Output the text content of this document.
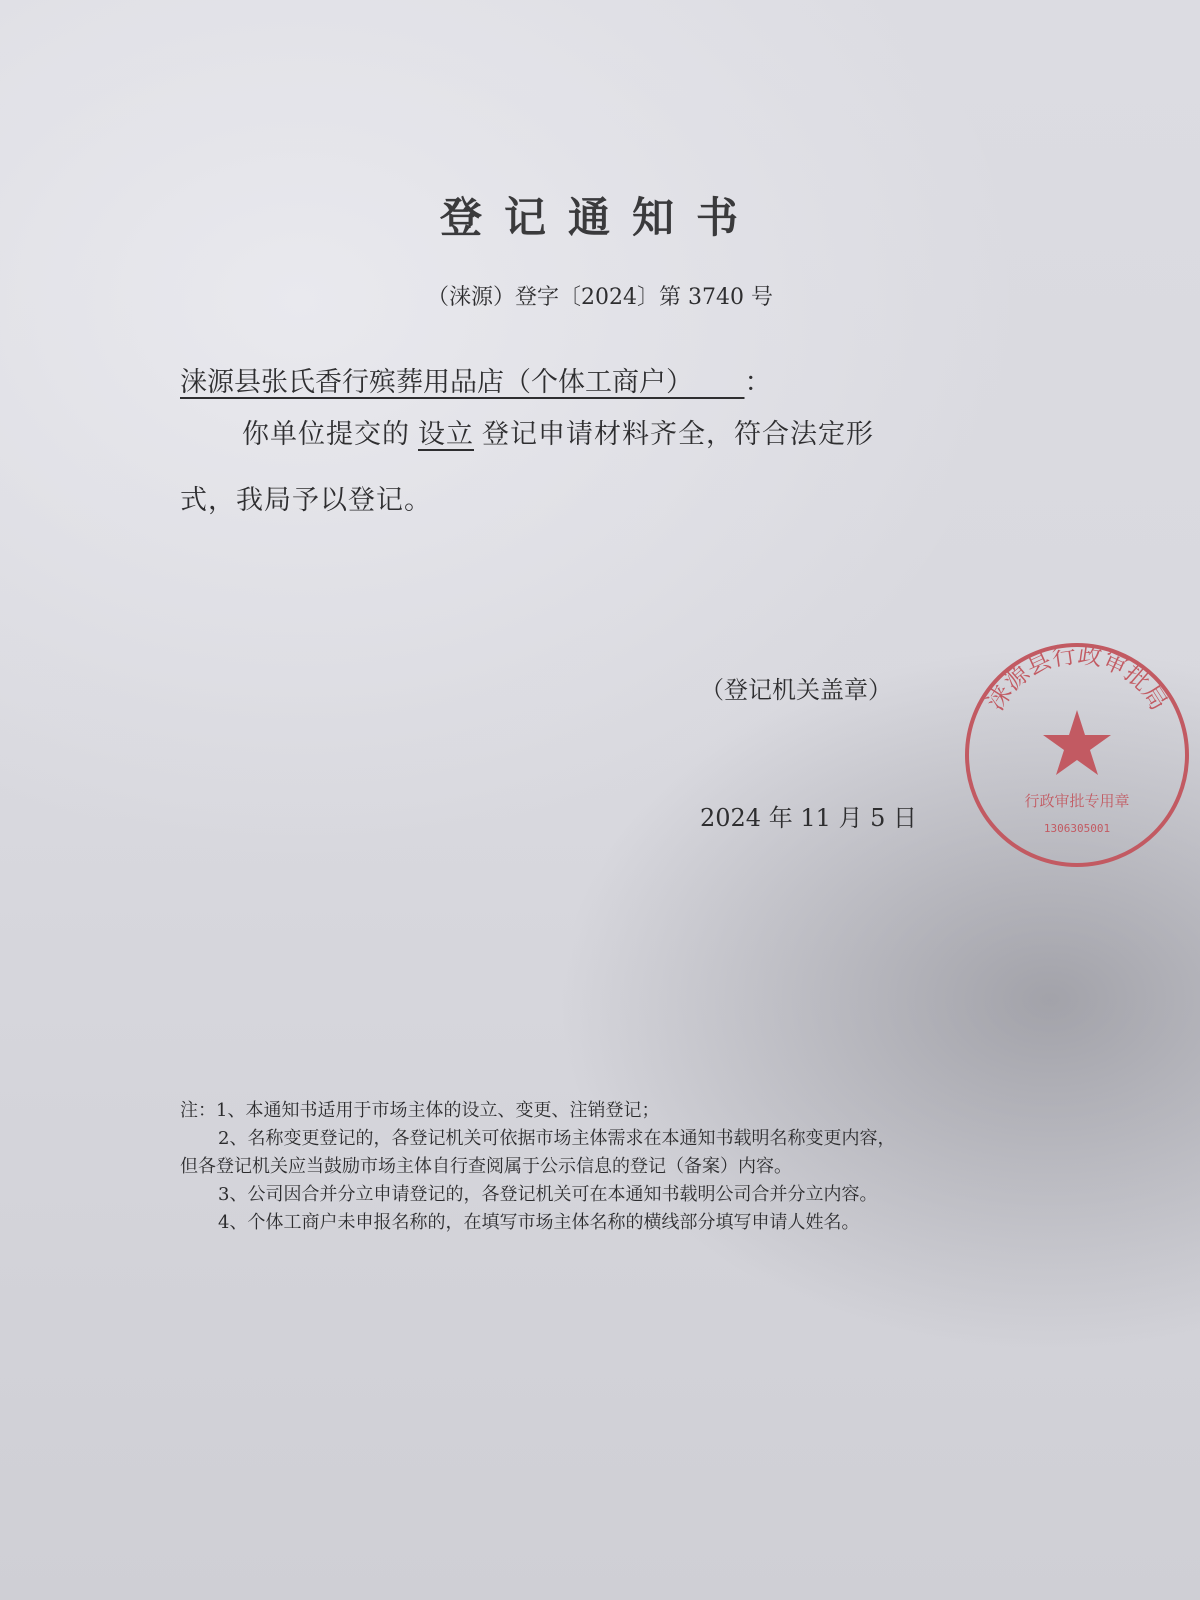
登记通知书
（涞源）登字〔2024〕第 3740 号
涞源县张氏香行殡葬用品店（个体工商户） ：
你单位提交的 设立 登记申请材料齐全，符合法定形
式，我局予以登记。
（登记机关盖章）
2024 年 11 月 5 日
涞源县行政审批局
行政审批专用章
1306305001
注：1、本通知书适用于市场主体的设立、变更、注销登记；
2、名称变更登记的，各登记机关可依据市场主体需求在本通知书载明名称变更内容，
但各登记机关应当鼓励市场主体自行查阅属于公示信息的登记（备案）内容。
3、公司因合并分立申请登记的，各登记机关可在本通知书载明公司合并分立内容。
4、个体工商户未申报名称的，在填写市场主体名称的横线部分填写申请人姓名。
